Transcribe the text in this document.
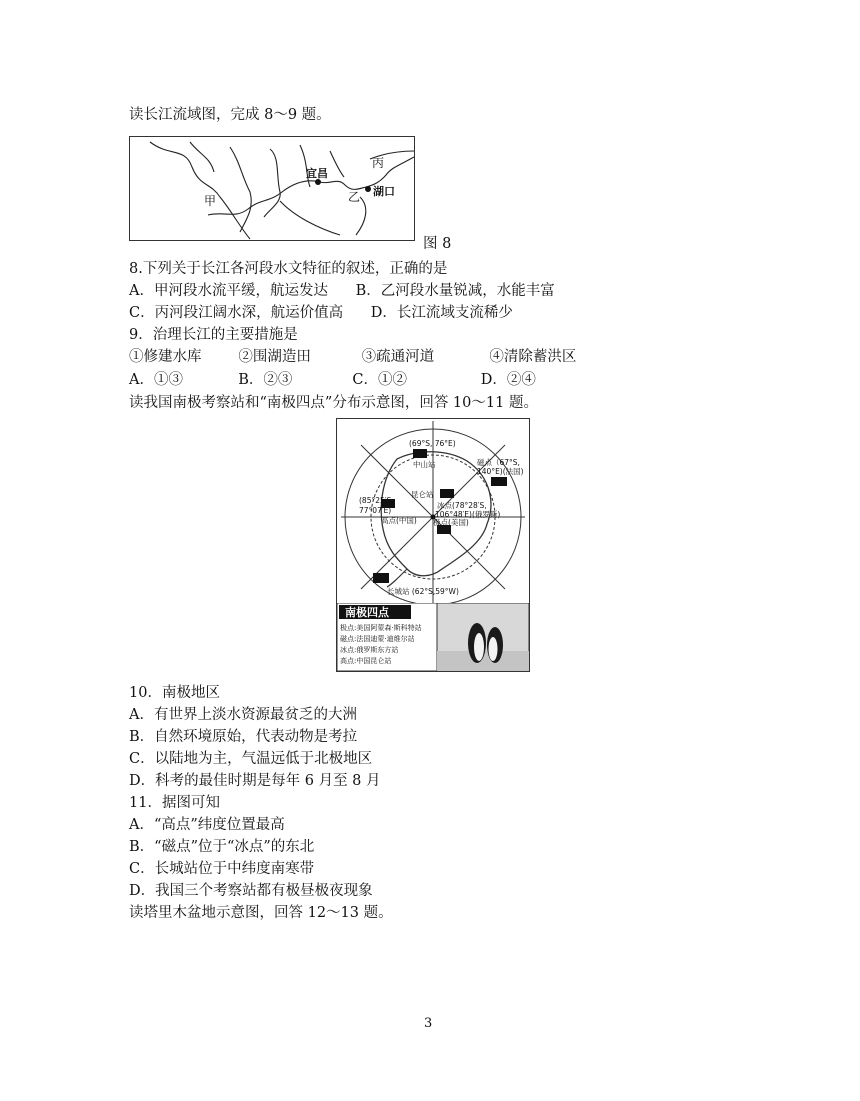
读长江流域图，完成 8～9 题。
甲	乙
丙
宜昌
湖口
图 8
8.下列关于长江各河段水文特征的叙述，正确的是
A．甲河段水流平缓，航运发达      B．乙河段水量锐减，水能丰富
C．丙河段江阔水深，航运价值高      D．长江流域支流稀少
9．治理长江的主要措施是
①修建水库        ②围湖造田           ③疏通河道            ④清除蓄洪区
A．①③            B．②③             C．①②                D．②④
读我国南极考察站和“南极四点”分布示意图，回答 10～11 题。
(69°S, 76°E)
中山站
昆仑站
(85°25′S,
77°07′E)
高点(中国)
磁点（67°S,
140°E)(法国)
冰点(78°28′S,
106°48′E)(俄罗斯)
极点(美国)
长城站 (62°S,59°W)
南极四点
极点:美国阿蒙森·斯科特站
磁点:法国迪蒙·迪维尔站
冰点:俄罗斯东方站
高点:中国昆仑站
10．南极地区
A．有世界上淡水资源最贫乏的大洲
B．自然环境原始，代表动物是考拉
C．以陆地为主，气温远低于北极地区
D．科考的最佳时期是每年 6 月至 8 月
11．据图可知
A．“高点”纬度位置最高
B．“磁点”位于“冰点”的东北
C．长城站位于中纬度南寒带
D．我国三个考察站都有极昼极夜现象
读塔里木盆地示意图，回答 12～13 题。
3
